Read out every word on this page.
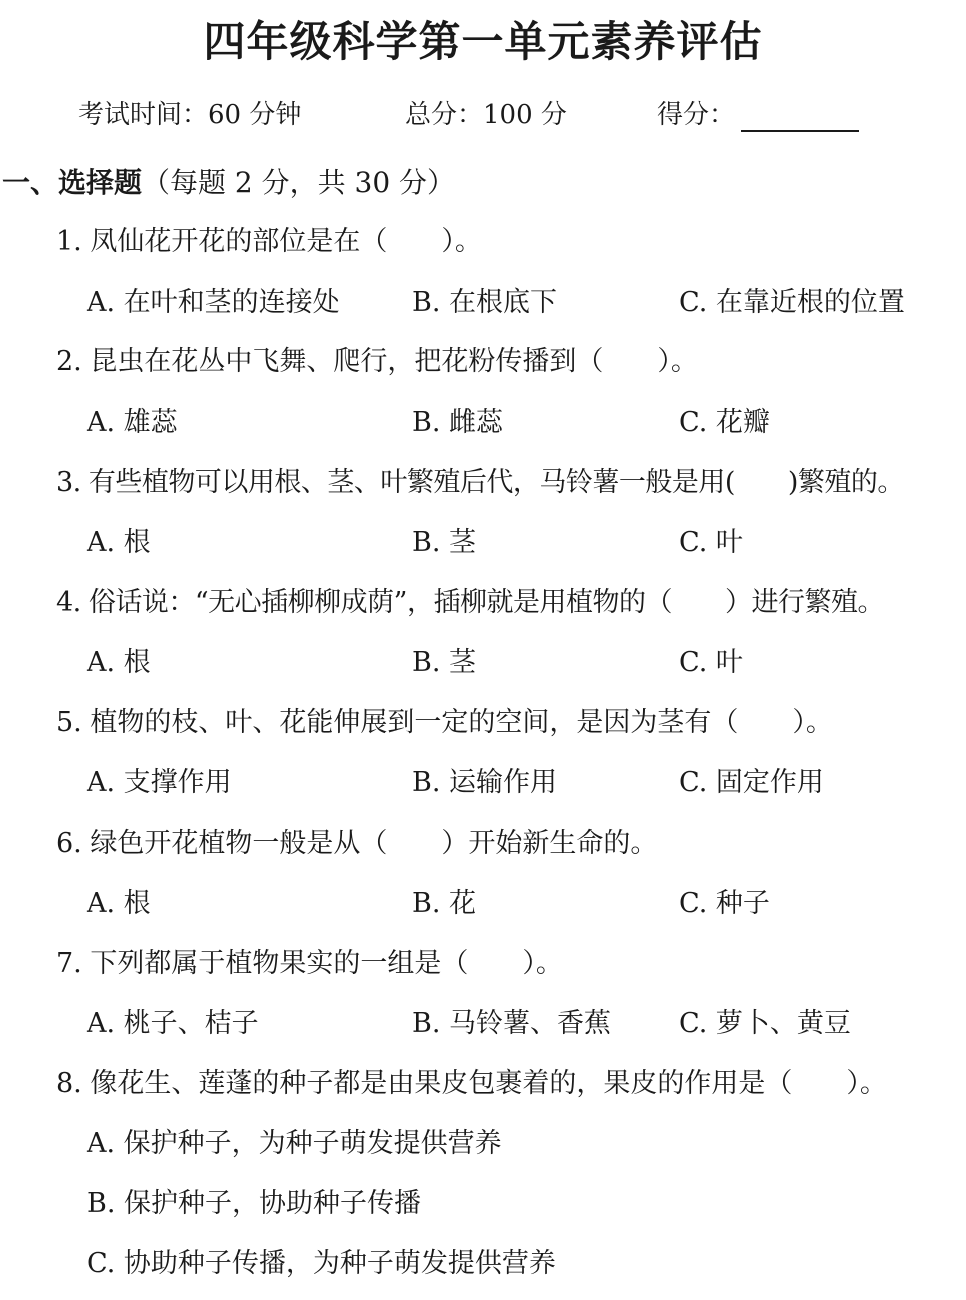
四年级科学第一单元素养评估
考试时间：60 分钟	总分：100 分	得分：
一、选择题（每题 2 分，共 30 分）
1. 凤仙花开花的部位是在（　　）。
A. 在叶和茎的连接处	B. 在根底下	C. 在靠近根的位置
2. 昆虫在花丛中飞舞、爬行，把花粉传播到（　　）。
A. 雄蕊	B. 雌蕊	C. 花瓣
3. 有些植物可以用根、茎、叶繁殖后代，马铃薯一般是用(　　)繁殖的。
A. 根	B. 茎	C. 叶
4. 俗话说：“无心插柳柳成荫”，插柳就是用植物的（　　）进行繁殖。
A. 根	B. 茎	C. 叶
5. 植物的枝、叶、花能伸展到一定的空间，是因为茎有（　　）。
A. 支撑作用	B. 运输作用	C. 固定作用
6. 绿色开花植物一般是从（　　）开始新生命的。
A. 根	B. 花	C. 种子
7. 下列都属于植物果实的一组是（　　）。
A. 桃子、桔子	B. 马铃薯、香蕉	C. 萝卜、黄豆
8. 像花生、莲蓬的种子都是由果皮包裹着的，果皮的作用是（　　）。
A. 保护种子，为种子萌发提供营养
B. 保护种子，协助种子传播
C. 协助种子传播，为种子萌发提供营养
